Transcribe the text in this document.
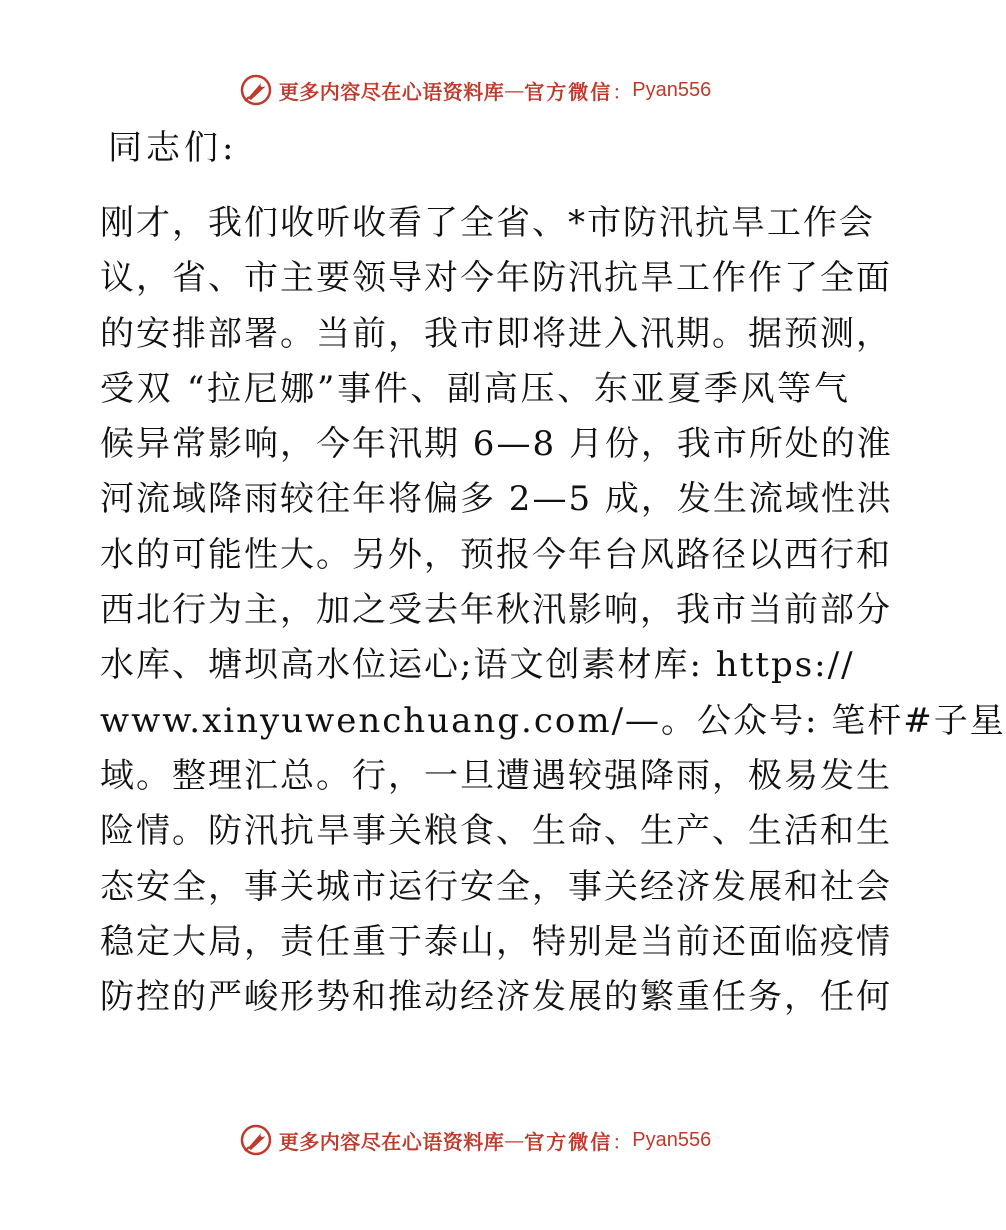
更多内容尽在心语资料库 — 官方微信 ： Pyan556

同志们:

刚才，我们收听收看了全省、*市防汛抗旱工作会
议，省、市主要领导对今年防汛抗旱工作作了全面
的安排部署。当前，我市即将进入汛期。据预测，
受双 “拉尼娜”事件、副高压、东亚夏季风等气
候异常影响，今年汛期 6—8 月份，我市所处的淮
河流域降雨较往年将偏多 2—5 成，发生流域性洪
水的可能性大。另外，预报今年台风路径以西行和
西北行为主，加之受去年秋汛影响，我市当前部分
水库、塘坝高水位运心;语文创素材库: https://
www.xinyuwenchuang.com/—。公众号: 笔杆#子星
域。整理汇总。行，一旦遭遇较强降雨，极易发生
险情。防汛抗旱事关粮食、生命、生产、生活和生
态安全，事关城市运行安全，事关经济发展和社会
稳定大局，责任重于泰山，特别是当前还面临疫情
防控的严峻形势和推动经济发展的繁重任务，任何
更多内容尽在心语资料库 — 官方微信 ： Pyan556
